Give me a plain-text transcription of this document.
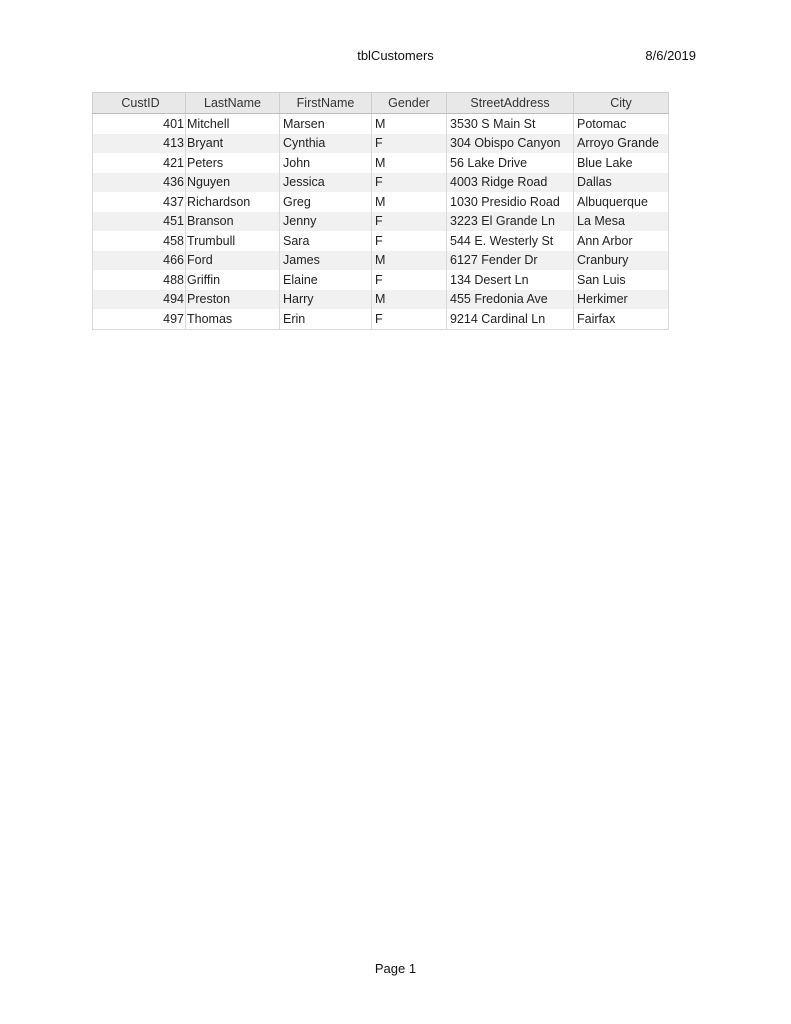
tblCustomers	8/6/2019
CustID	LastName	FirstName	Gender	StreetAddress	City
401	Mitchell	Marsen	M	3530 S Main St	Potomac
413	Bryant	Cynthia	F	304 Obispo Canyon	Arroyo Grande
421	Peters	John	M	56 Lake Drive	Blue Lake
436	Nguyen	Jessica	F	4003 Ridge Road	Dallas
437	Richardson	Greg	M	1030 Presidio Road	Albuquerque
451	Branson	Jenny	F	3223 El Grande Ln	La Mesa
458	Trumbull	Sara	F	544 E. Westerly St	Ann Arbor
466	Ford	James	M	6127 Fender Dr	Cranbury
488	Griffin	Elaine	F	134 Desert Ln	San Luis
494	Preston	Harry	M	455 Fredonia Ave	Herkimer
497	Thomas	Erin	F	9214 Cardinal Ln	Fairfax
Page 1
